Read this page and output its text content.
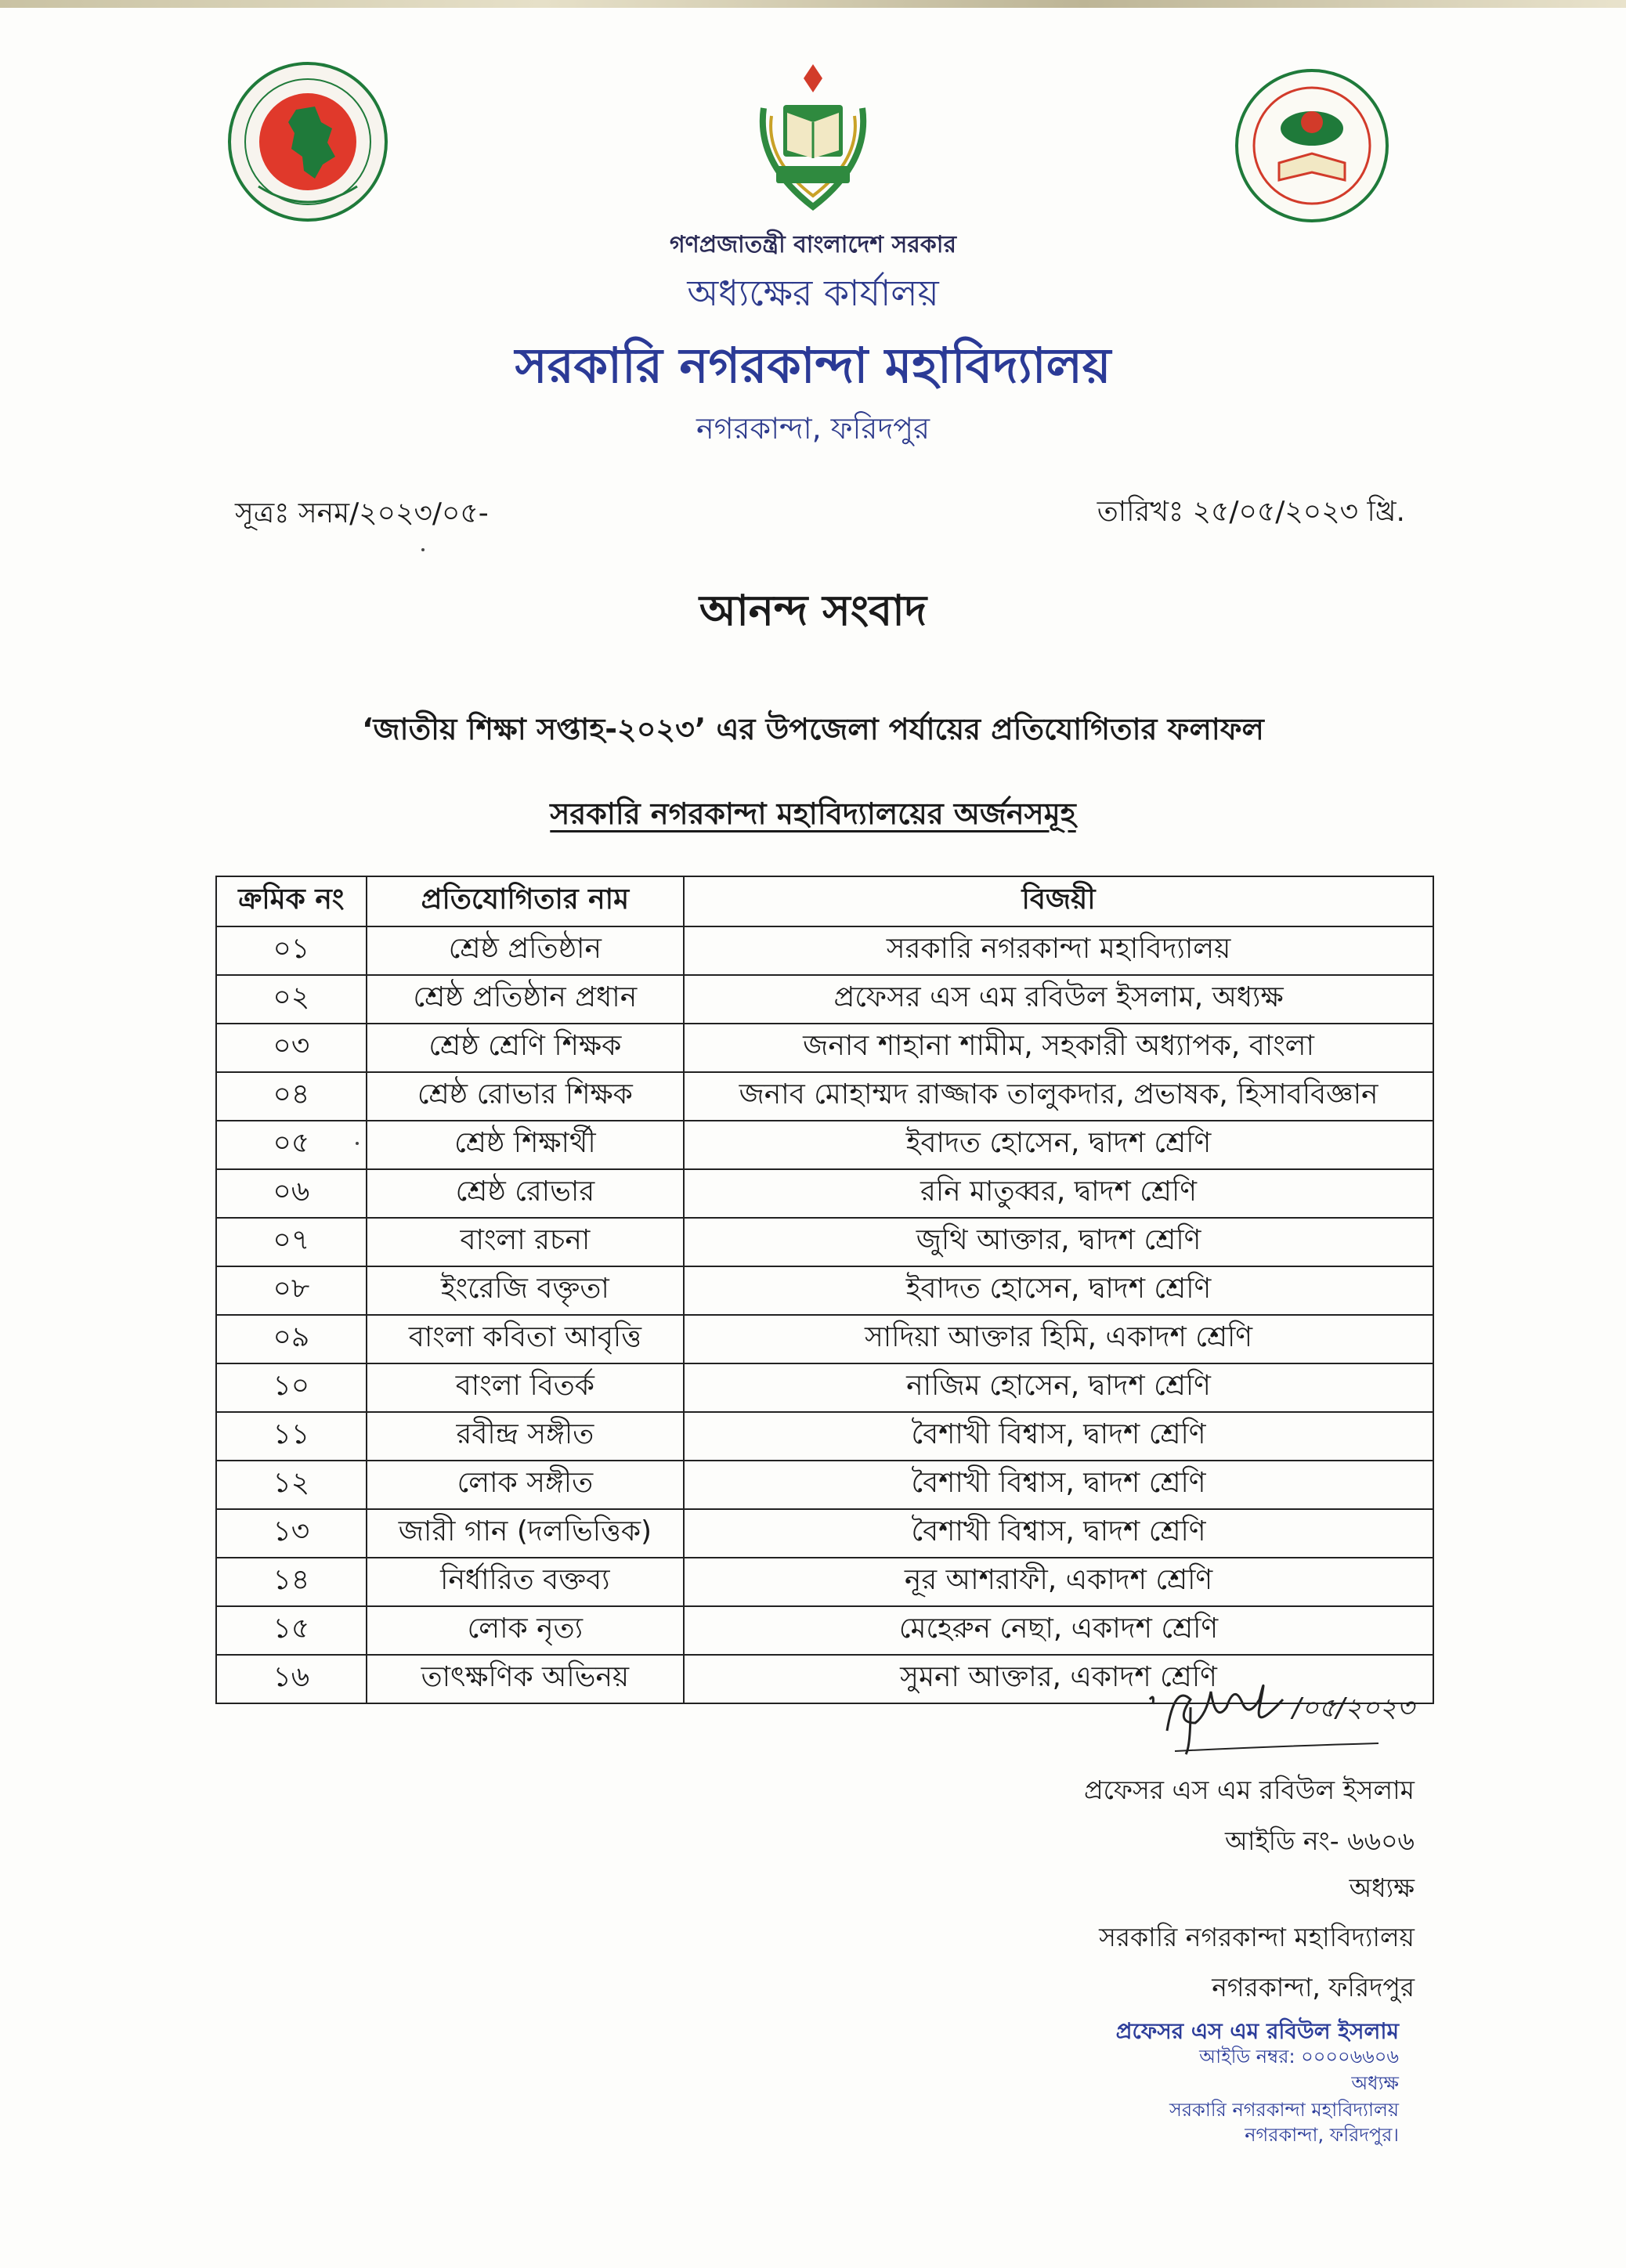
গণপ্রজাতন্ত্রী বাংলাদেশ সরকার
অধ্যক্ষের কার্যালয়
সরকারি নগরকান্দা মহাবিদ্যালয়
নগরকান্দা, ফরিদপুর
সূত্রঃ সনম/২০২৩/০৫-	তারিখঃ ২৫/০৫/২০২৩ খ্রি.
আনন্দ সংবাদ
‘জাতীয় শিক্ষা সপ্তাহ-২০২৩’ এর উপজেলা পর্যায়ের প্রতিযোগিতার ফলাফল
সরকারি নগরকান্দা মহাবিদ্যালয়ের অর্জনসমূহ
ক্রমিক নং	প্রতিযোগিতার নাম	বিজয়ী
০১	শ্রেষ্ঠ প্রতিষ্ঠান	সরকারি নগরকান্দা মহাবিদ্যালয়
০২	শ্রেষ্ঠ প্রতিষ্ঠান প্রধান	প্রফেসর এস এম রবিউল ইসলাম, অধ্যক্ষ
০৩	শ্রেষ্ঠ শ্রেণি শিক্ষক	জনাব শাহানা শামীম, সহকারী অধ্যাপক, বাংলা
০৪	শ্রেষ্ঠ রোভার শিক্ষক	জনাব মোহাম্মদ রাজ্জাক তালুকদার, প্রভাষক, হিসাববিজ্ঞান
০৫	শ্রেষ্ঠ শিক্ষার্থী	ইবাদত হোসেন, দ্বাদশ শ্রেণি
০৬	শ্রেষ্ঠ রোভার	রনি মাতুব্বর, দ্বাদশ শ্রেণি
০৭	বাংলা রচনা	জুথি আক্তার, দ্বাদশ শ্রেণি
০৮	ইংরেজি বক্তৃতা	ইবাদত হোসেন, দ্বাদশ শ্রেণি
০৯	বাংলা কবিতা আবৃত্তি	সাদিয়া আক্তার হিমি, একাদশ শ্রেণি
১০	বাংলা বিতর্ক	নাজিম হোসেন, দ্বাদশ শ্রেণি
১১	রবীন্দ্র সঙ্গীত	বৈশাখী বিশ্বাস, দ্বাদশ শ্রেণি
১২	লোক সঙ্গীত	বৈশাখী বিশ্বাস, দ্বাদশ শ্রেণি
১৩	জারী গান (দলভিত্তিক)	বৈশাখী বিশ্বাস, দ্বাদশ শ্রেণি
১৪	নির্ধারিত বক্তব্য	নূর আশরাফী, একাদশ শ্রেণি
১৫	লোক নৃত্য	মেহেরুন নেছা, একাদশ শ্রেণি
১৬	তাৎক্ষণিক অভিনয়	সুমনা আক্তার, একাদশ শ্রেণি
/০৫/২০২৩
প্রফেসর এস এম রবিউল ইসলাম
আইডি নং- ৬৬০৬
অধ্যক্ষ
সরকারি নগরকান্দা মহাবিদ্যালয়
নগরকান্দা, ফরিদপুর
প্রফেসর এস এম রবিউল ইসলাম
আইডি নম্বর: ০০০০৬৬০৬
অধ্যক্ষ
সরকারি নগরকান্দা মহাবিদ্যালয়
নগরকান্দা, ফরিদপুর।
